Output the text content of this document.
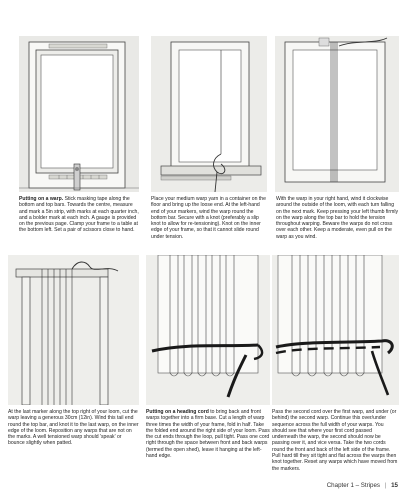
Putting on a warp. Stick masking tape along the bottom and top bars. Towards the centre, measure and mark a 5in strip, with marks at each quarter inch, and a bolder mark at each inch. A gauge is provided on the previous page. Clamp your frame to a table at the bottom left. Set a pair of scissors close to hand.
Place your medium warp yarn in a container on the floor and bring up the loose end. At the left-hand end of your markers, wind the warp round the bottom bar. Secure with a knot (preferably a slip knot to allow for re-tensioning). Knot on the inner edge of your frame, so that it cannot slide round under tension.
With the warp in your right hand, wind it clockwise around the outside of the loom, with each turn falling on the next mark. Keep pressing your left thumb firmly on the warp along the top bar to hold the tension throughout warping. Beware the warps do not cross over each other. Keep a moderate, even pull on the warp as you wind.
At the last marker along the top right of your loom, cut the warp leaving a generous 30cm (12in). Wind this tail end round the top bar, and knot it to the last warp, on the inner edge of the loom. Reposition any warps that are not on the marks. A well tensioned warp should 'speak' or bounce slightly when patted.
Putting on a heading cord to bring back and front warps together into a firm base. Cut a length of warp three times the width of your frame, fold in half. Take the folded end around the right side of your loom. Pass the cut ends through the loop, pull tight. Pass one cord right through the space between front and back warps (termed the open shed), leave it hanging at the left-hand edge.
Pass the second cord over the first warp, and under (or behind) the second warp. Continue this over/under sequence across the full width of your warps. You should see that where your first cord passed underneath the warp, the second should now be passing over it, and vice versa. Take the two cords round the front and back of the left side of the frame. Pull hard till they sit tight and flat across the warps then knot together. Reset any warps which have moved from the markers.
Chapter 1 – Stripes | 15
